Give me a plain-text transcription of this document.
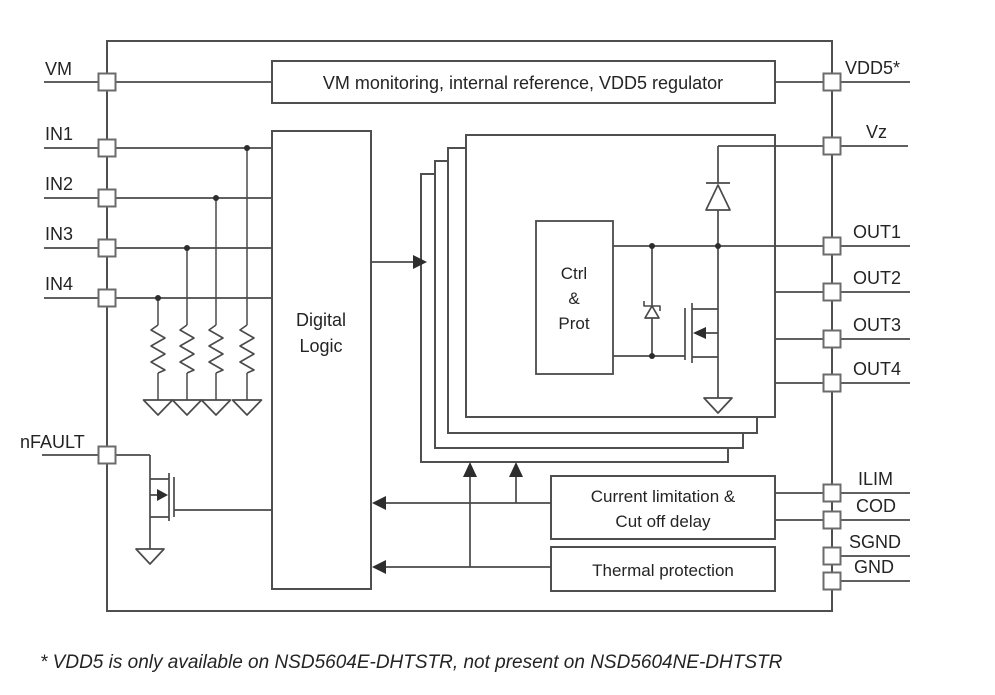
VM
IN1
IN2
IN3
IN4
nFAULT
VDD5*
Vz
OUT1
OUT2
OUT3
OUT4
ILIM
COD
SGND
GND
VM monitoring, internal reference, VDD5 regulator
Digital
Logic
Ctrl
&
Prot
Current limitation &
Cut off delay
Thermal protection
* VDD5 is only available on NSD5604E-DHTSTR, not present on NSD5604NE-DHTSTR
